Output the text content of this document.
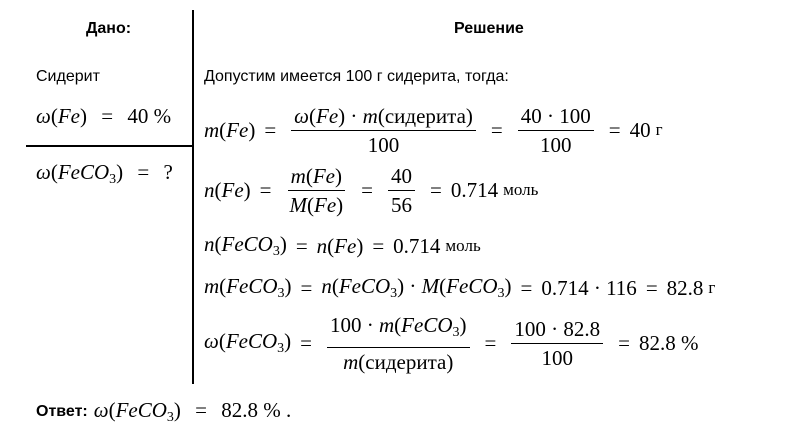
Дано:
Сидерит
ω(Fe) = 40 %
ω(FeCO$_3$) = ?
Решение
Допустим имеется 100 г сидерита, тогда:
$m(Fe) = \frac{\text{ω(Fe) · m(сидерита)}}{100} = \frac{40 \cdot 100}{100} = 40$ г
$n(Fe) = \frac{m(Fe)}{M(Fe)} = \frac{40}{56} = 0.714$ моль
n(FeCO$_3$) = n(Fe) = 0.714 моль
m(FeCO$_3$) = n(FeCO$_3$) · M(FeCO$_3$) = 0.714 · 116 = 82.8 г
ω(FeCO$_3$) = $\frac{100 \cdot m(FeCO_3)}{\text{m(сидерита)}} = \frac{100 \cdot 82.8}{100} = 82.8$ %
Ответ: ω(FeCO$_3$) = 82.8 % .
